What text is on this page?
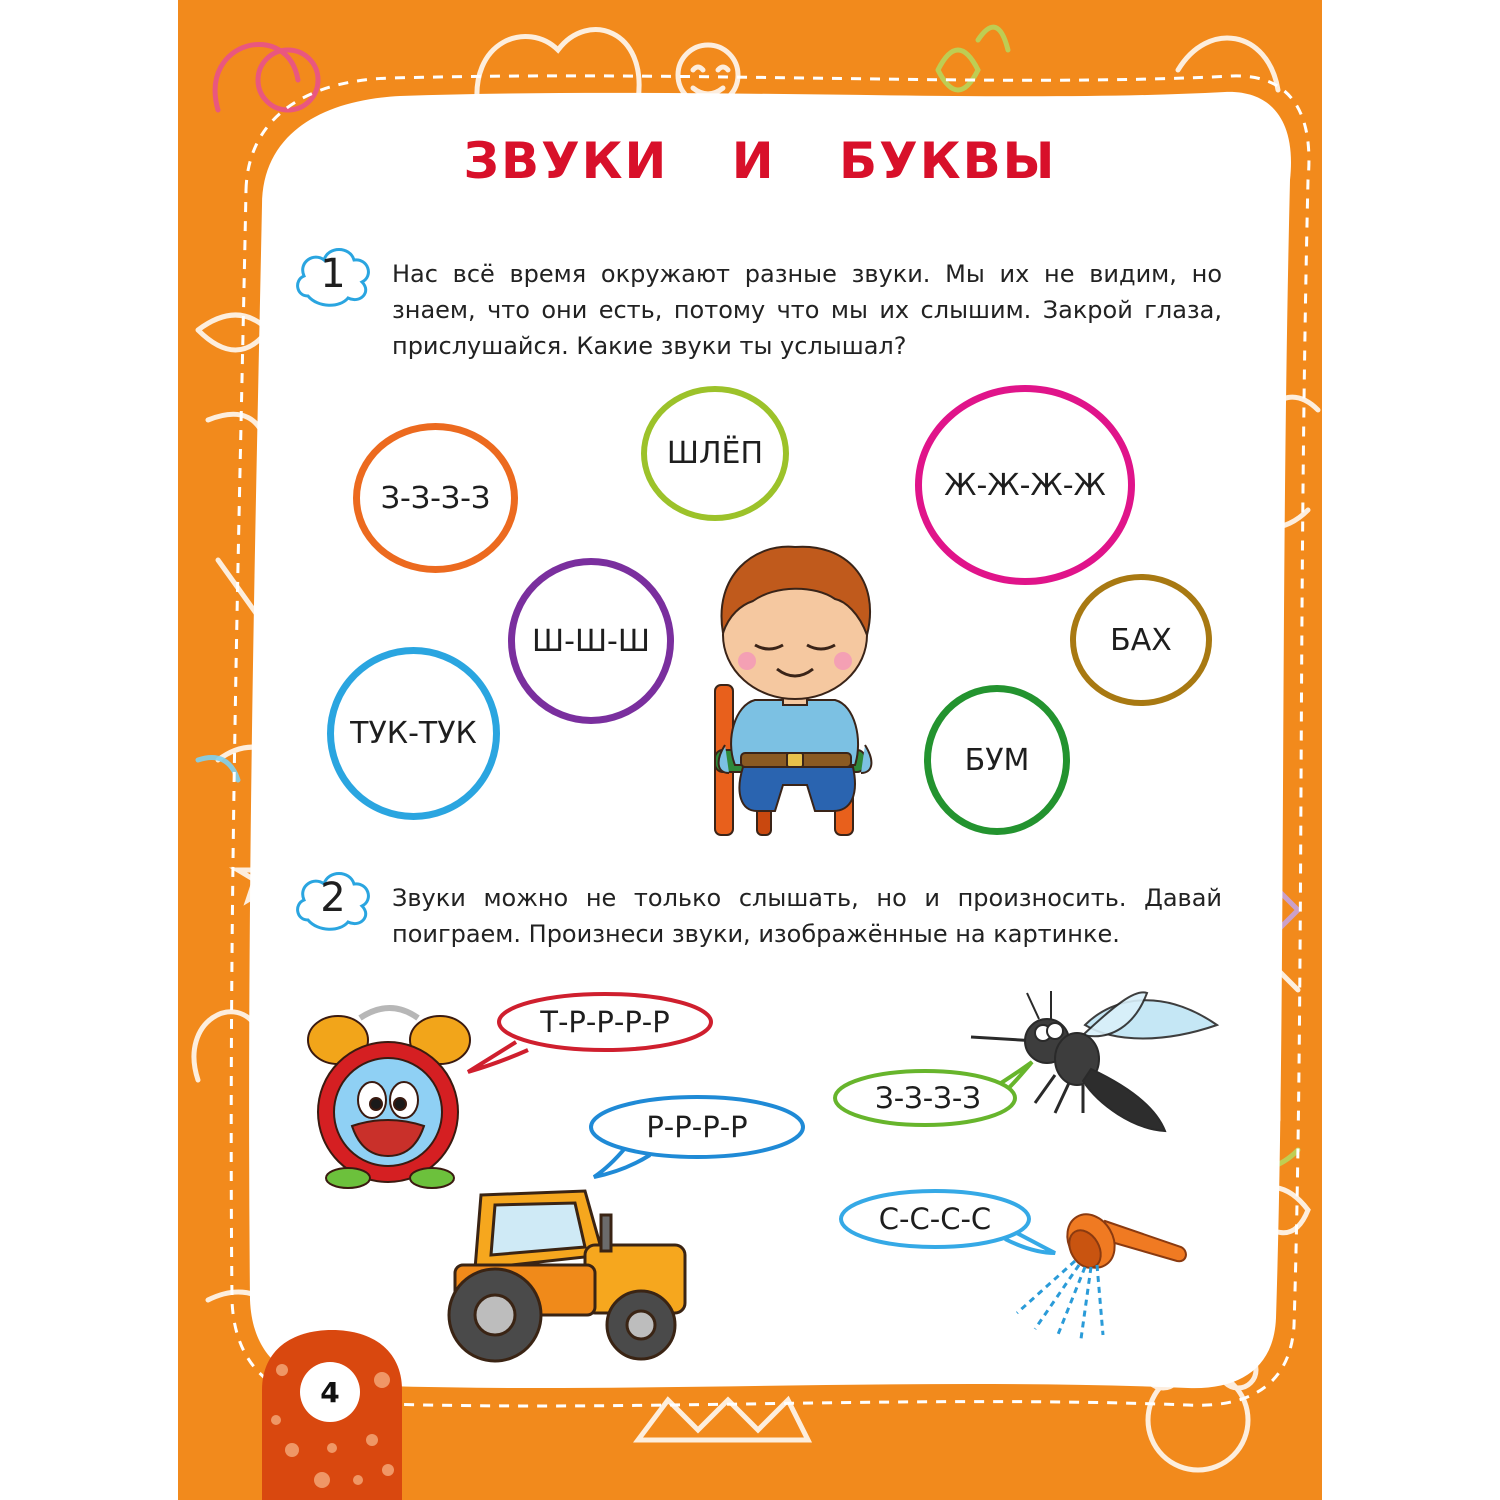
ЗВУКИ И БУКВЫ
1	Нас всё время окружают разные звуки. Мы их не видим, но знаем, что они есть, потому что мы их слышим. Закрой глаза, прислушайся. Какие звуки ты услышал?
З-З-З-З
ШЛЁП
Ж-Ж-Ж-Ж
Ш-Ш-Ш	БАХ
ТУК-ТУК
БУМ
2	Звуки можно не только слышать, но и произносить. Давай поиграем. Произнеси звуки, изображённые на картинке.
Т-Р-Р-Р-Р
Р-Р-Р-Р
З-З-З-З
С-С-С-С
4
